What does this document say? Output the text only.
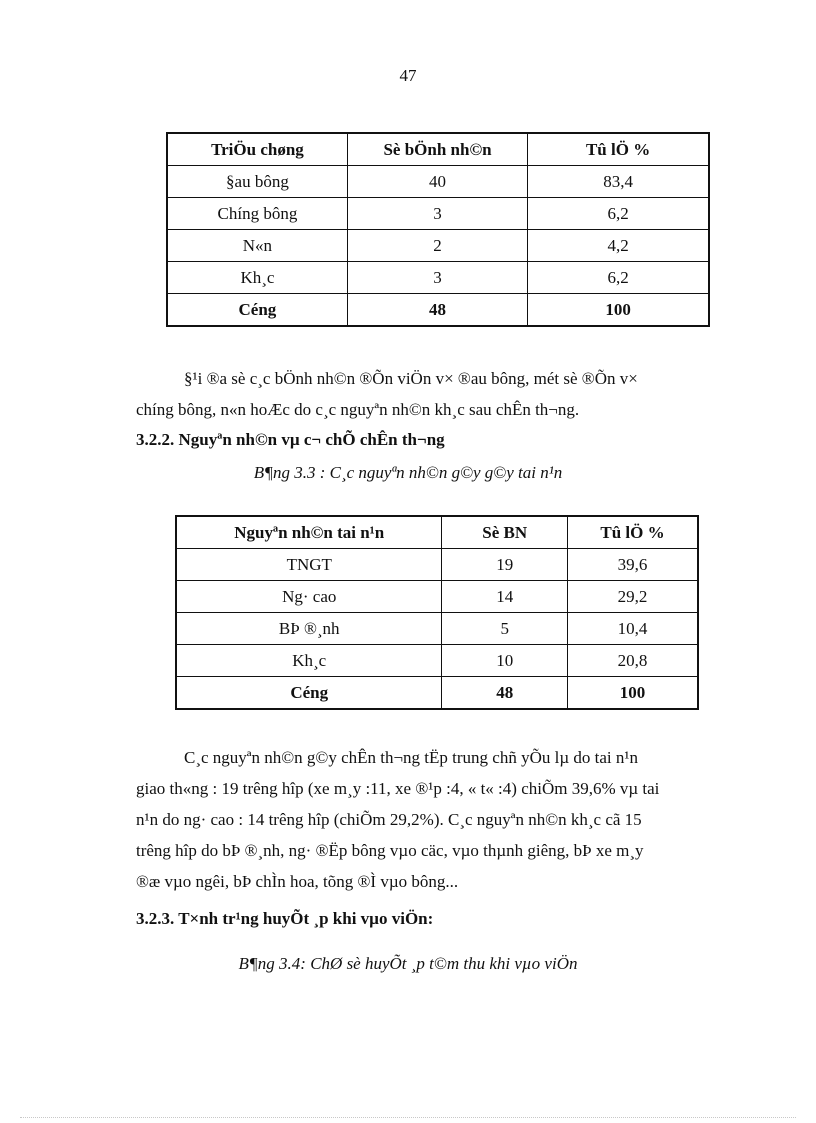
47
TriÖu chøng	Sè bÖnh nh©n	Tû lÖ %
§au bông	40	83,4
Chíng bông	3	6,2
N«n	2	4,2
Kh¸c	3	6,2
Céng	48	100

§¹i ®a sè c¸c bÖnh nh©n ®Õn viÖn v× ®au bông, mét sè ®Õn v×
chíng bông, n«n hoÆc do c¸c nguyªn nh©n kh¸c sau chÊn th¬ng.

3.2.2. Nguyªn nh©n vµ c¬ chÕ chÊn th¬ng

B¶ng 3.3 : C¸c nguyªn nh©n g©y g©y tai n¹n

Nguyªn nh©n tai n¹n	Sè BN	Tû lÖ %
TNGT	19	39,6
Ng· cao	14	29,2
BÞ ®¸nh	5	10,4
Kh¸c	10	20,8
Céng	48	100

C¸c nguyªn nh©n g©y chÊn th¬ng tËp trung chñ yÕu lµ do tai n¹n
giao th«ng : 19 trêng hîp (xe m¸y :11, xe ®¹p :4, « t« :4) chiÕm 39,6% vµ tai
n¹n do ng· cao : 14 trêng hîp (chiÕm 29,2%). C¸c nguyªn nh©n kh¸c cã 15
trêng hîp do bÞ ®¸nh, ng· ®Ëp bông vµo cäc, vµo thµnh giêng, bÞ xe m¸y
®æ vµo ngêi, bÞ chÌn hoa, tõng ®Ì vµo bông...

3.2.3. T×nh tr¹ng huyÕt ¸p khi vµo viÖn:

B¶ng 3.4: ChØ sè huyÕt ¸p t©m thu khi vµo viÖn
